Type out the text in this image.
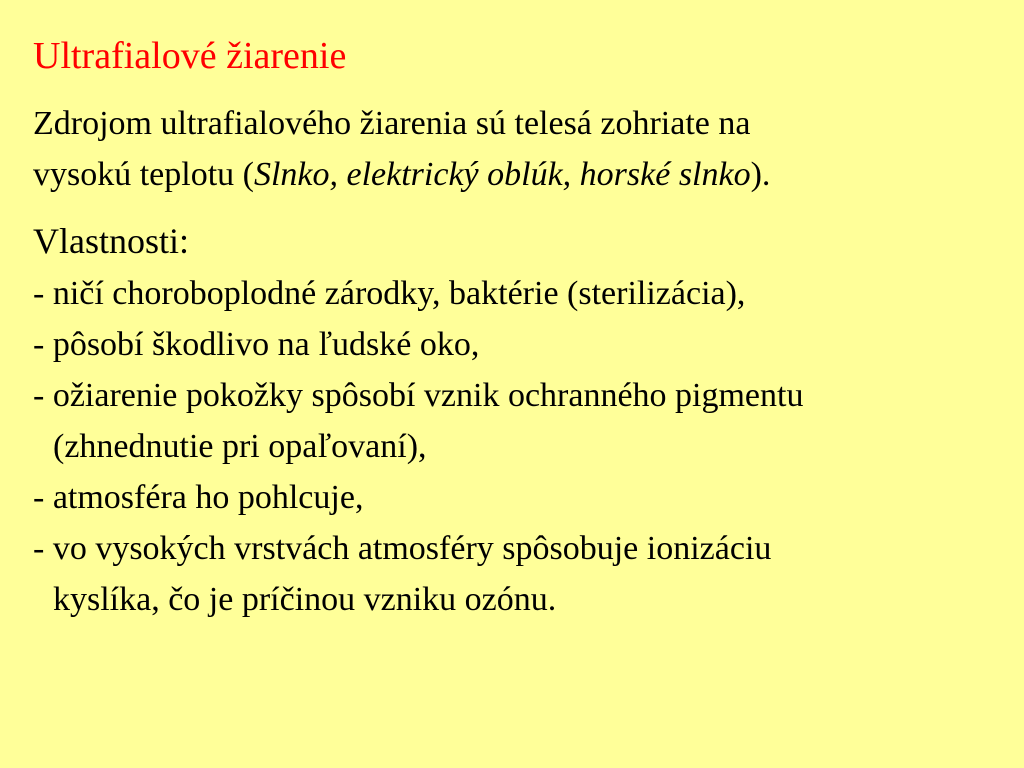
Ultrafialové žiarenie
Zdrojom ultrafialového žiarenia sú telesá zohriate na
vysokú teplotu (Slnko, elektrický oblúk, horské slnko).
Vlastnosti:
- ničí choroboplodné zárodky, baktérie (sterilizácia),
- pôsobí škodlivo na ľudské oko,
- ožiarenie pokožky spôsobí vznik ochranného pigmentu
(zhnednutie pri opaľovaní),
- atmosféra ho pohlcuje,
- vo vysokých vrstvách atmosféry spôsobuje ionizáciu
kyslíka, čo je príčinou vzniku ozónu.
